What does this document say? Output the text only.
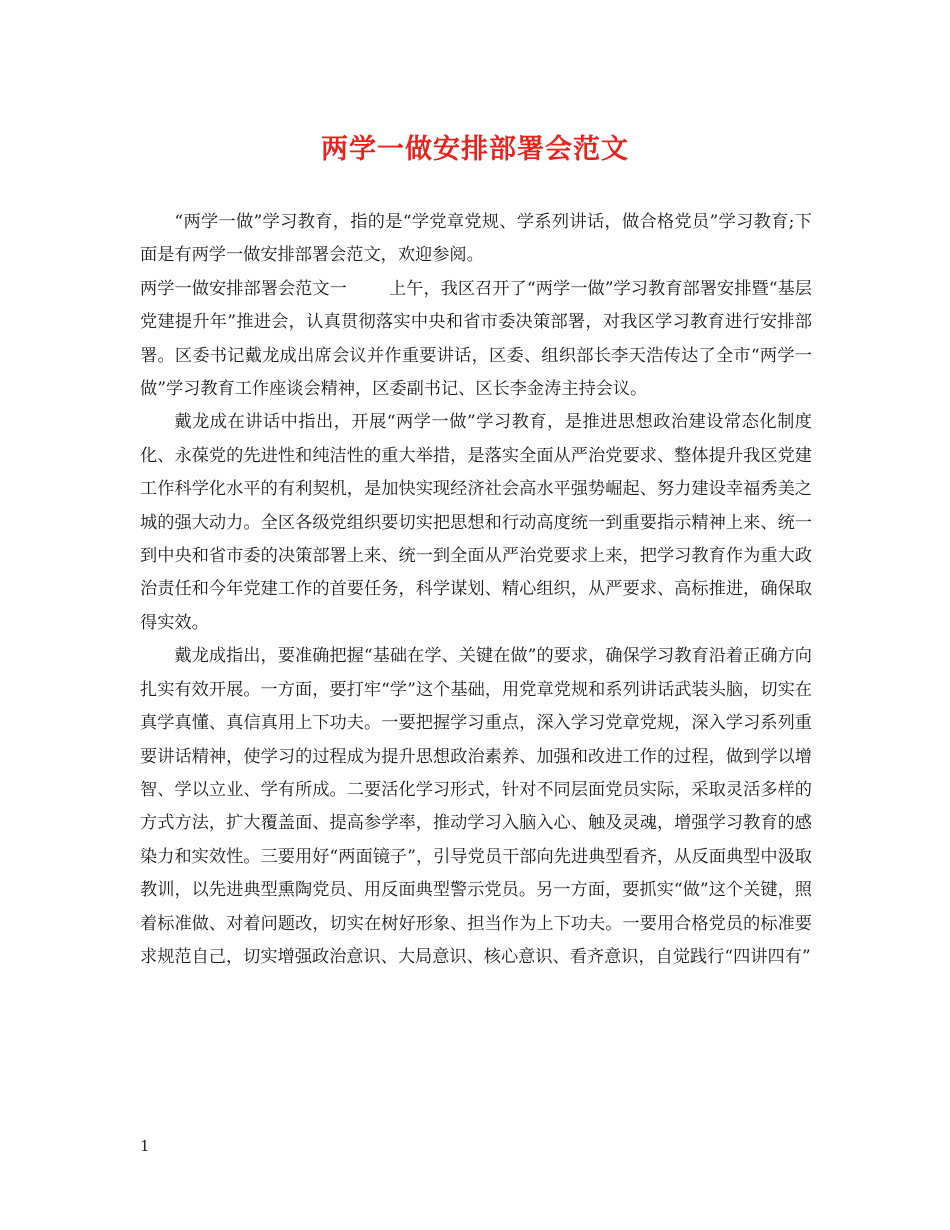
两学一做安排部署会范文

“两学一做”学习教育，指的是“学党章党规、学系列讲话，做合格党员”学习教育;下面是有两学一做安排部署会范文，欢迎参阅。

两学一做安排部署会范文一 上午，我区召开了“两学一做”学习教育部署安排暨“基层党建提升年”推进会，认真贯彻落实中央和省市委决策部署，对我区学习教育进行安排部署。区委书记戴龙成出席会议并作重要讲话，区委、组织部长李天浩传达了全市“两学一做”学习教育工作座谈会精神，区委副书记、区长李金涛主持会议。

戴龙成在讲话中指出，开展“两学一做”学习教育，是推进思想政治建设常态化制度化、永葆党的先进性和纯洁性的重大举措，是落实全面从严治党要求、整体提升我区党建工作科学化水平的有利契机，是加快实现经济社会高水平强势崛起、努力建设幸福秀美之城的强大动力。全区各级党组织要切实把思想和行动高度统一到重要指示精神上来、统一到中央和省市委的决策部署上来、统一到全面从严治党要求上来，把学习教育作为重大政治责任和今年党建工作的首要任务，科学谋划、精心组织，从严要求、高标推进，确保取得实效。

戴龙成指出，要准确把握“基础在学、关键在做”的要求，确保学习教育沿着正确方向扎实有效开展。一方面，要打牢“学”这个基础，用党章党规和系列讲话武装头脑，切实在真学真懂、真信真用上下功夫。一要把握学习重点，深入学习党章党规，深入学习系列重要讲话精神，使学习的过程成为提升思想政治素养、加强和改进工作的过程，做到学以增智、学以立业、学有所成。二要活化学习形式，针对不同层面党员实际，采取灵活多样的方式方法，扩大覆盖面、提高参学率，推动学习入脑入心、触及灵魂，增强学习教育的感染力和实效性。三要用好“两面镜子”，引导党员干部向先进典型看齐，从反面典型中汲取教训，以先进典型熏陶党员、用反面典型警示党员。另一方面，要抓实“做”这个关键，照着标准做、对着问题改，切实在树好形象、担当作为上下功夫。一要用合格党员的标准要求规范自己，切实增强政治意识、大局意识、核心意识、看齐意识，自觉践行“四讲四有”

1
